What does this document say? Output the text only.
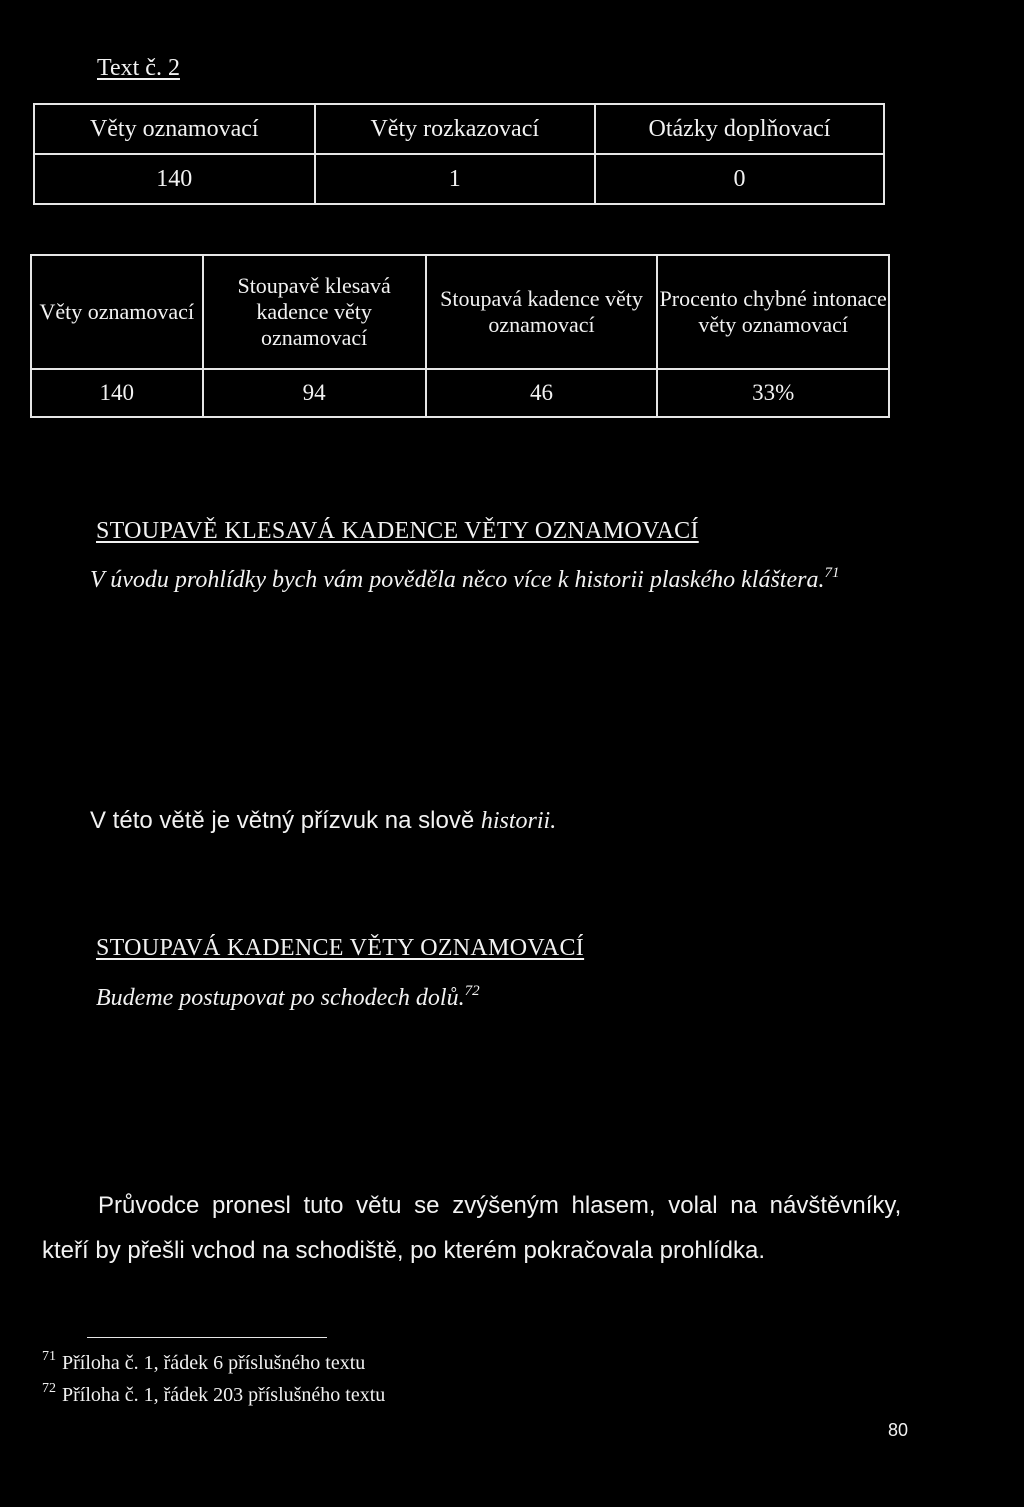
Text č. 2
Věty oznamovací	Věty rozkazovací	Otázky doplňovací
140	1	0
Věty oznamovací	Stoupavě klesavá kadence věty oznamovací	Stoupavá kadence věty oznamovací	Procento chybné intonace věty oznamovací
140	94	46	33%
STOUPAVĚ KLESAVÁ KADENCE VĚTY OZNAMOVACÍ
V úvodu prohlídky bych vám pověděla něco více k historii plaského kláštera.$^{71}$
V této větě je větný přízvuk na slově historii.
STOUPAVÁ KADENCE VĚTY OZNAMOVACÍ
Budeme postupovat po schodech dolů.$^{72}$
Průvodce pronesl tuto větu se zvýšeným hlasem, volal na návštěvníky,
kteří by přešli vchod na schodiště, po kterém pokračovala prohlídka.
$^{71}$ Příloha č. 1, řádek 6 příslušného textu
$^{72}$ Příloha č. 1, řádek 203 příslušného textu
80
